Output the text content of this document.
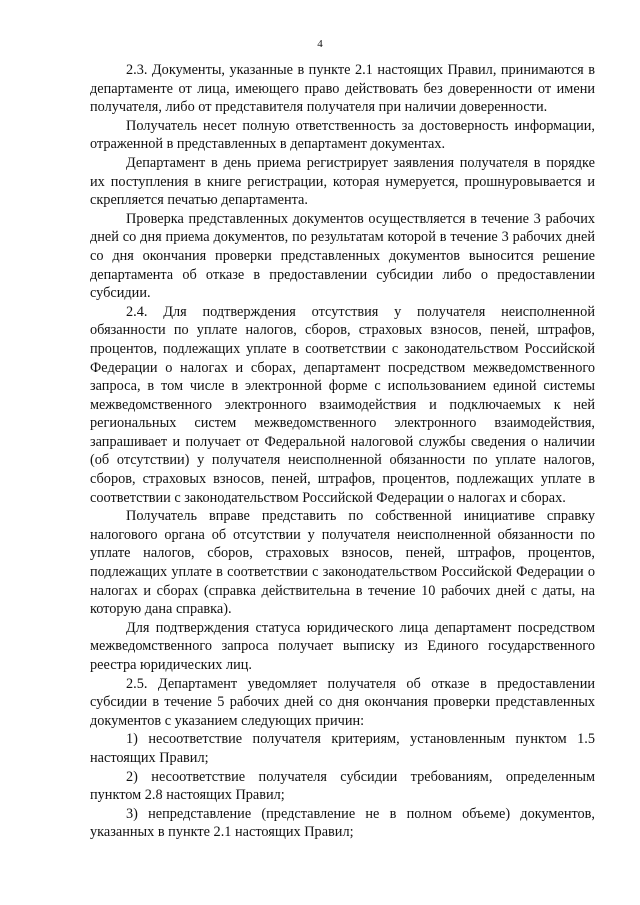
4

2.3. Документы, указанные в пункте 2.1 настоящих Правил, принимаются в департаменте от лица, имеющего право действовать без доверенности от имени получателя, либо от представителя получателя при наличии доверенности.

Получатель несет полную ответственность за достоверность информации, отраженной в представленных в департамент документах.

Департамент в день приема регистрирует заявления получателя в порядке их поступления в книге регистрации, которая нумеруется, прошнуровывается и скрепляется печатью департамента.

Проверка представленных документов осуществляется в течение 3 рабочих дней со дня приема документов, по результатам которой в течение 3 рабочих дней со дня окончания проверки представленных документов выносится решение департамента об отказе в предоставлении субсидии либо о предоставлении субсидии.

2.4. Для подтверждения отсутствия у получателя неисполненной обязанности по уплате налогов, сборов, страховых взносов, пеней, штрафов, процентов, подлежащих уплате в соответствии с законодательством Российской Федерации о налогах и сборах, департамент посредством межведомственного запроса, в том числе в электронной форме с использованием единой системы межведомственного электронного взаимодействия и подключаемых к ней региональных систем межведомственного электронного взаимодействия, запрашивает и получает от Федеральной налоговой службы сведения о наличии (об отсутствии) у получателя неисполненной обязанности по уплате налогов, сборов, страховых взносов, пеней, штрафов, процентов, подлежащих уплате в соответствии с законодательством Российской Федерации о налогах и сборах.

Получатель вправе представить по собственной инициативе справку налогового органа об отсутствии у получателя неисполненной обязанности по уплате налогов, сборов, страховых взносов, пеней, штрафов, процентов, подлежащих уплате в соответствии с законодательством Российской Федерации о налогах и сборах (справка действительна в течение 10 рабочих дней с даты, на которую дана справка).

Для подтверждения статуса юридического лица департамент посредством межведомственного запроса получает выписку из Единого государственного реестра юридических лиц.

2.5. Департамент уведомляет получателя об отказе в предоставлении субсидии в течение 5 рабочих дней со дня окончания проверки представленных документов с указанием следующих причин:

1) несоответствие получателя критериям, установленным пунктом 1.5 настоящих Правил;

2) несоответствие получателя субсидии требованиям, определенным пунктом 2.8 настоящих Правил;

3) непредставление (представление не в полном объеме) документов, указанных в пункте 2.1 настоящих Правил;
